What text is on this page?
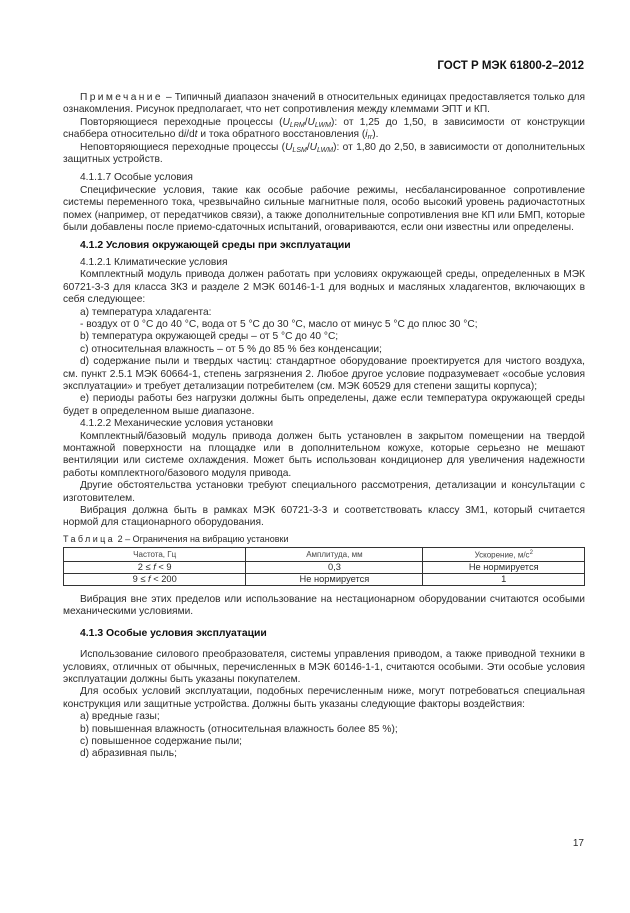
ГОСТ Р МЭК 61800-2–2012

Примечание – Типичный диапазон значений в относительных единицах предоставляется только для ознакомления. Рисунок предполагает, что нет сопротивления между клеммами ЭПТ и КП.

Повторяющиеся переходные процессы $(U_{LRM}/U_{LWM})$: от 1,25 до 1,50, в зависимости от конструкции снаббера относительно di/dt и тока обратного восстановления $(i_{rr})$.

Неповторяющиеся переходные процессы $(U_{LSM}/U_{LWM})$: от 1,80 до 2,50, в зависимости от дополнительных защитных устройств.

4.1.1.7 Особые условия

Специфические условия, такие как особые рабочие режимы, несбалансированное сопротивление системы переменного тока, чрезвычайно сильные магнитные поля, особо высокий уровень радиочастотных помех (например, от передатчиков связи), а также дополнительные сопротивления вне КП или БМП, которые были добавлены после приемо-сдаточных испытаний, оговариваются, если они известны или определены.

4.1.2 Условия окружающей среды при эксплуатации

4.1.2.1 Климатические условия

Комплектный модуль привода должен работать при условиях окружающей среды, определенных в МЭК 60721-3-3 для класса 3К3 и разделе 2 МЭК 60146-1-1 для водных и масляных хладагентов, включающих в себя следующее:

a) температура хладагента:

- воздух от 0 °C до 40 °C, вода от 5 °C до 30 °C, масло от минус 5 °C до плюс 30 °C;

b) температура окружающей среды – от 5 °C до 40 °C;

c) относительная влажность – от 5 % до 85 % без конденсации;

d) содержание пыли и твердых частиц: стандартное оборудование проектируется для чистого воздуха, см. пункт 2.5.1 МЭК 60664-1, степень загрязнения 2. Любое другое условие подразумевает «особые условия эксплуатации» и требует детализации потребителем (см. МЭК 60529 для степени защиты корпуса);

e) периоды работы без нагрузки должны быть определены, даже если температура окружающей среды будет в определенном выше диапазоне.

4.1.2.2 Механические условия установки

Комплектный/базовый модуль привода должен быть установлен в закрытом помещении на твердой монтажной поверхности на площадке или в дополнительном кожухе, которые серьезно не мешают вентиляции или системе охлаждения. Может быть использован кондиционер для увеличения надежности работы комплектного/базового модуля привода.

Другие обстоятельства установки требуют специального рассмотрения, детализации и консультации с изготовителем.

Вибрация должна быть в рамках МЭК 60721-3-3 и соответствовать классу 3М1, который считается нормой для стационарного оборудования.

Таблица 2 – Ограничения на вибрацию установки
Частота, Гц	Амплитуда, мм	Ускорение, $м/с^2$
2 ≤ f < 9	0,3	Не нормируется
9 ≤ f < 200	Не нормируется	1

Вибрация вне этих пределов или использование на нестационарном оборудовании считаются особыми механическими условиями.

4.1.3 Особые условия эксплуатации

Использование силового преобразователя, системы управления приводом, а также приводной техники в условиях, отличных от обычных, перечисленных в МЭК 60146-1-1, считаются особыми. Эти особые условия эксплуатации должны быть указаны покупателем.

Для особых условий эксплуатации, подобных перечисленным ниже, могут потребоваться специальная конструкция или защитные устройства. Должны быть указаны следующие факторы воздействия:

a) вредные газы;

b) повышенная влажность (относительная влажность более 85 %);

c) повышенное содержание пыли;

d) абразивная пыль;

17
